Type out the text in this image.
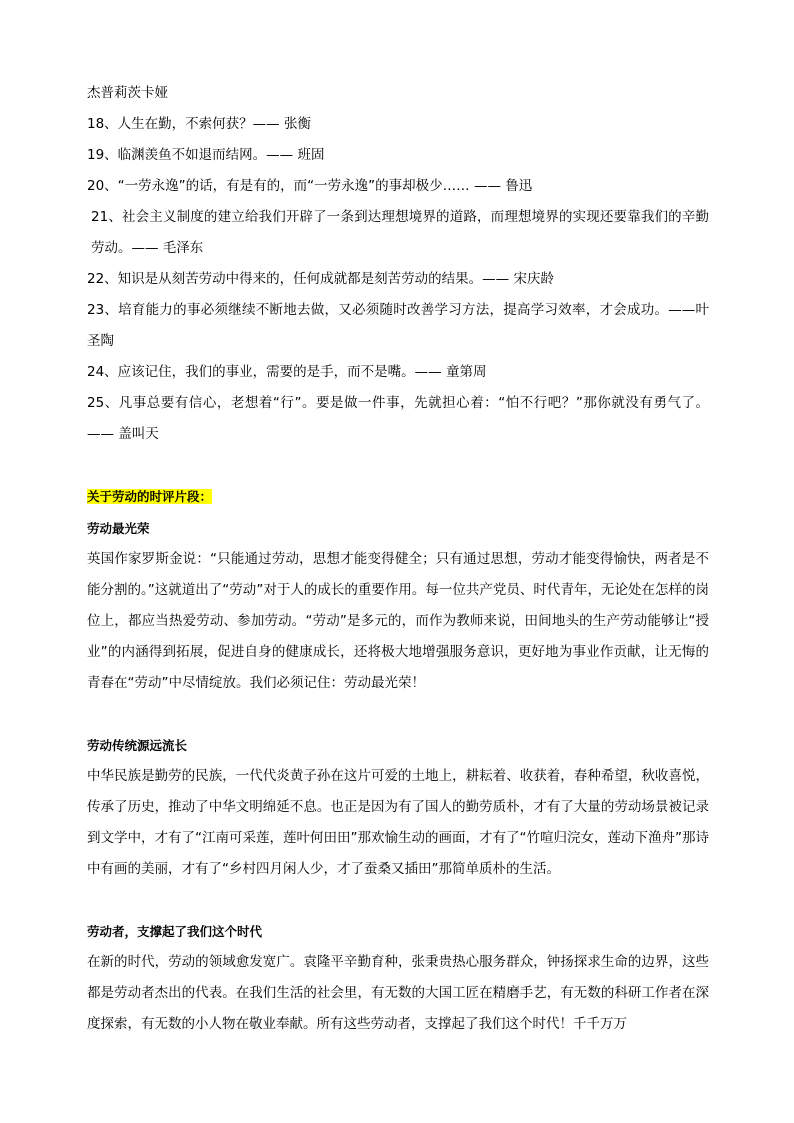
杰普莉茨卡娅
18、人生在勤，不索何获？—— 张衡
19、临渊羡鱼不如退而结网。—— 班固
20、“一劳永逸”的话，有是有的，而“一劳永逸”的事却极少…… —— 鲁迅
21、社会主义制度的建立给我们开辟了一条到达理想境界的道路，而理想境界的实现还要靠我们的辛勤劳动。—— 毛泽东
22、知识是从刻苦劳动中得来的，任何成就都是刻苦劳动的结果。—— 宋庆龄
23、培育能力的事必须继续不断地去做，又必须随时改善学习方法，提高学习效率，才会成功。——叶圣陶
24、应该记住，我们的事业，需要的是手，而不是嘴。—— 童第周
25、凡事总要有信心，老想着“行”。要是做一件事，先就担心着：“怕不行吧？”那你就没有勇气了。—— 盖叫天
关于劳动的时评片段：
劳动最光荣
英国作家罗斯金说：“只能通过劳动，思想才能变得健全；只有通过思想，劳动才能变得愉快，两者是不能分割的。”这就道出了“劳动”对于人的成长的重要作用。每一位共产党员、时代青年，无论处在怎样的岗位上，都应当热爱劳动、参加劳动。“劳动”是多元的，而作为教师来说，田间地头的生产劳动能够让“授业”的内涵得到拓展，促进自身的健康成长，还将极大地增强服务意识，更好地为事业作贡献，让无悔的青春在“劳动”中尽情绽放。我们必须记住：劳动最光荣！
劳动传统源远流长
中华民族是勤劳的民族，一代代炎黄子孙在这片可爱的土地上，耕耘着、收获着，春种希望，秋收喜悦，传承了历史，推动了中华文明绵延不息。也正是因为有了国人的勤劳质朴，才有了大量的劳动场景被记录到文学中，才有了“江南可采莲，莲叶何田田”那欢愉生动的画面，才有了“竹喧归浣女，莲动下渔舟”那诗中有画的美丽，才有了“乡村四月闲人少，才了蚕桑又插田”那简单质朴的生活。
劳动者，支撑起了我们这个时代
在新的时代，劳动的领域愈发宽广。袁隆平辛勤育种，张秉贵热心服务群众，钟扬探求生命的边界，这些都是劳动者杰出的代表。在我们生活的社会里，有无数的大国工匠在精磨手艺，有无数的科研工作者在深度探索，有无数的小人物在敬业奉献。所有这些劳动者，支撑起了我们这个时代！千千万万
